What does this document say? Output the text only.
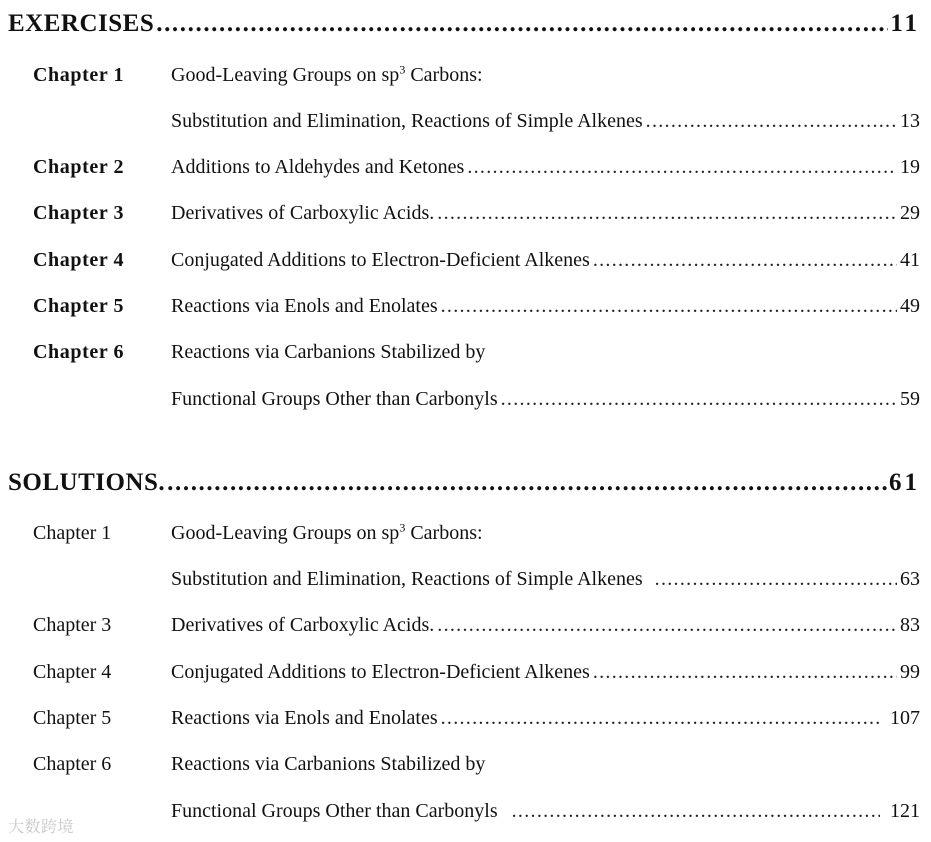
EXERCISES .....	11
Chapter 1	Good-Leaving Groups on $sp^3$ Carbons:
Substitution and Elimination, Reactions of Simple Alkenes .....	13
Chapter 2	Additions to Aldehydes and Ketones .....	19
Chapter 3	Derivatives of Carboxylic Acids. .....	29
Chapter 4	Conjugated Additions to Electron-Deficient Alkenes .....	41
Chapter 5	Reactions via Enols and Enolates .....	49
Chapter 6	Reactions via Carbanions Stabilized by
Functional Groups Other than Carbonyls .....	59
SOLUTIONS. .....	61
Chapter 1	Good-Leaving Groups on $sp^3$ Carbons:
Substitution and Elimination, Reactions of Simple Alkenes .....	63
Chapter 3	Derivatives of Carboxylic Acids. .....	83
Chapter 4	Conjugated Additions to Electron-Deficient Alkenes .....	99
Chapter 5	Reactions via Enols and Enolates .....	107
Chapter 6	Reactions via Carbanions Stabilized by
Functional Groups Other than Carbonyls .....	121
大数跨境
